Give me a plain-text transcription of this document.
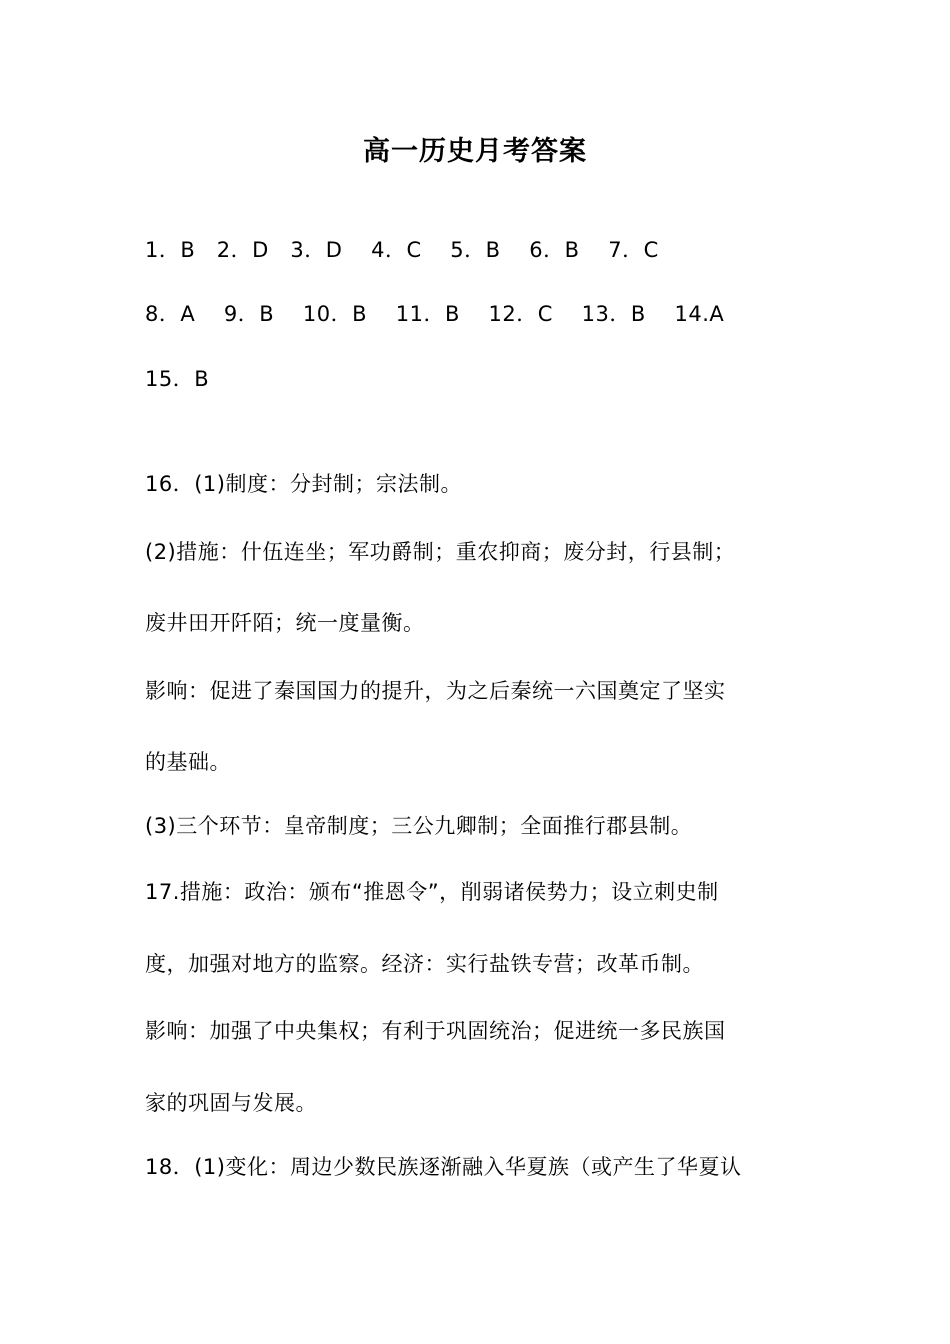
高一历史月考答案
1．B   2．D   3．D    4．C    5．B    6．B    7．C
8．A    9．B    10．B    11．B    12．C    13．B    14.A
15．B
16．(1)制度：分封制；宗法制。
(2)措施：什伍连坐；军功爵制；重农抑商；废分封，行县制；
废井田开阡陌；统一度量衡。
影响：促进了秦国国力的提升，为之后秦统一六国奠定了坚实
的基础。
(3)三个环节：皇帝制度；三公九卿制；全面推行郡县制。
17.措施：政治：颁布“推恩令”，削弱诸侯势力；设立刺史制
度，加强对地方的监察。经济：实行盐铁专营；改革币制。
影响：加强了中央集权；有利于巩固统治；促进统一多民族国
家的巩固与发展。
18．(1)变化：周边少数民族逐渐融入华夏族（或产生了华夏认
